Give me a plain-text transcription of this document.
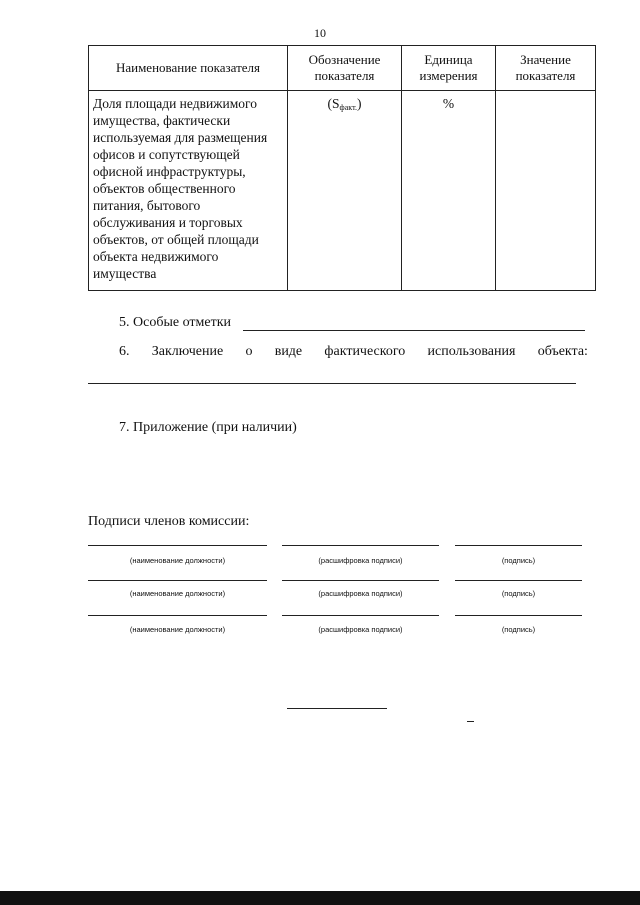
10
Наименование показателя	Обозначение показателя	Единица измерения	Значение показателя
Доля площади недвижимого имущества, фактически используемая для размещения офисов и сопутствующей офисной инфраструктуры, объектов общественного питания, бытового обслуживания и торговых объектов, от общей площади объекта недвижимого имущества	(Sфакт.)	%	
5. Особые отметки
6. Заключение о виде фактического использования объекта:
7. Приложение (при наличии)
Подписи членов комиссии:
(наименование должности)	(расшифровка подписи)	(подпись)
(наименование должности)	(расшифровка подписи)	(подпись)
(наименование должности)	(расшифровка подписи)	(подпись)
